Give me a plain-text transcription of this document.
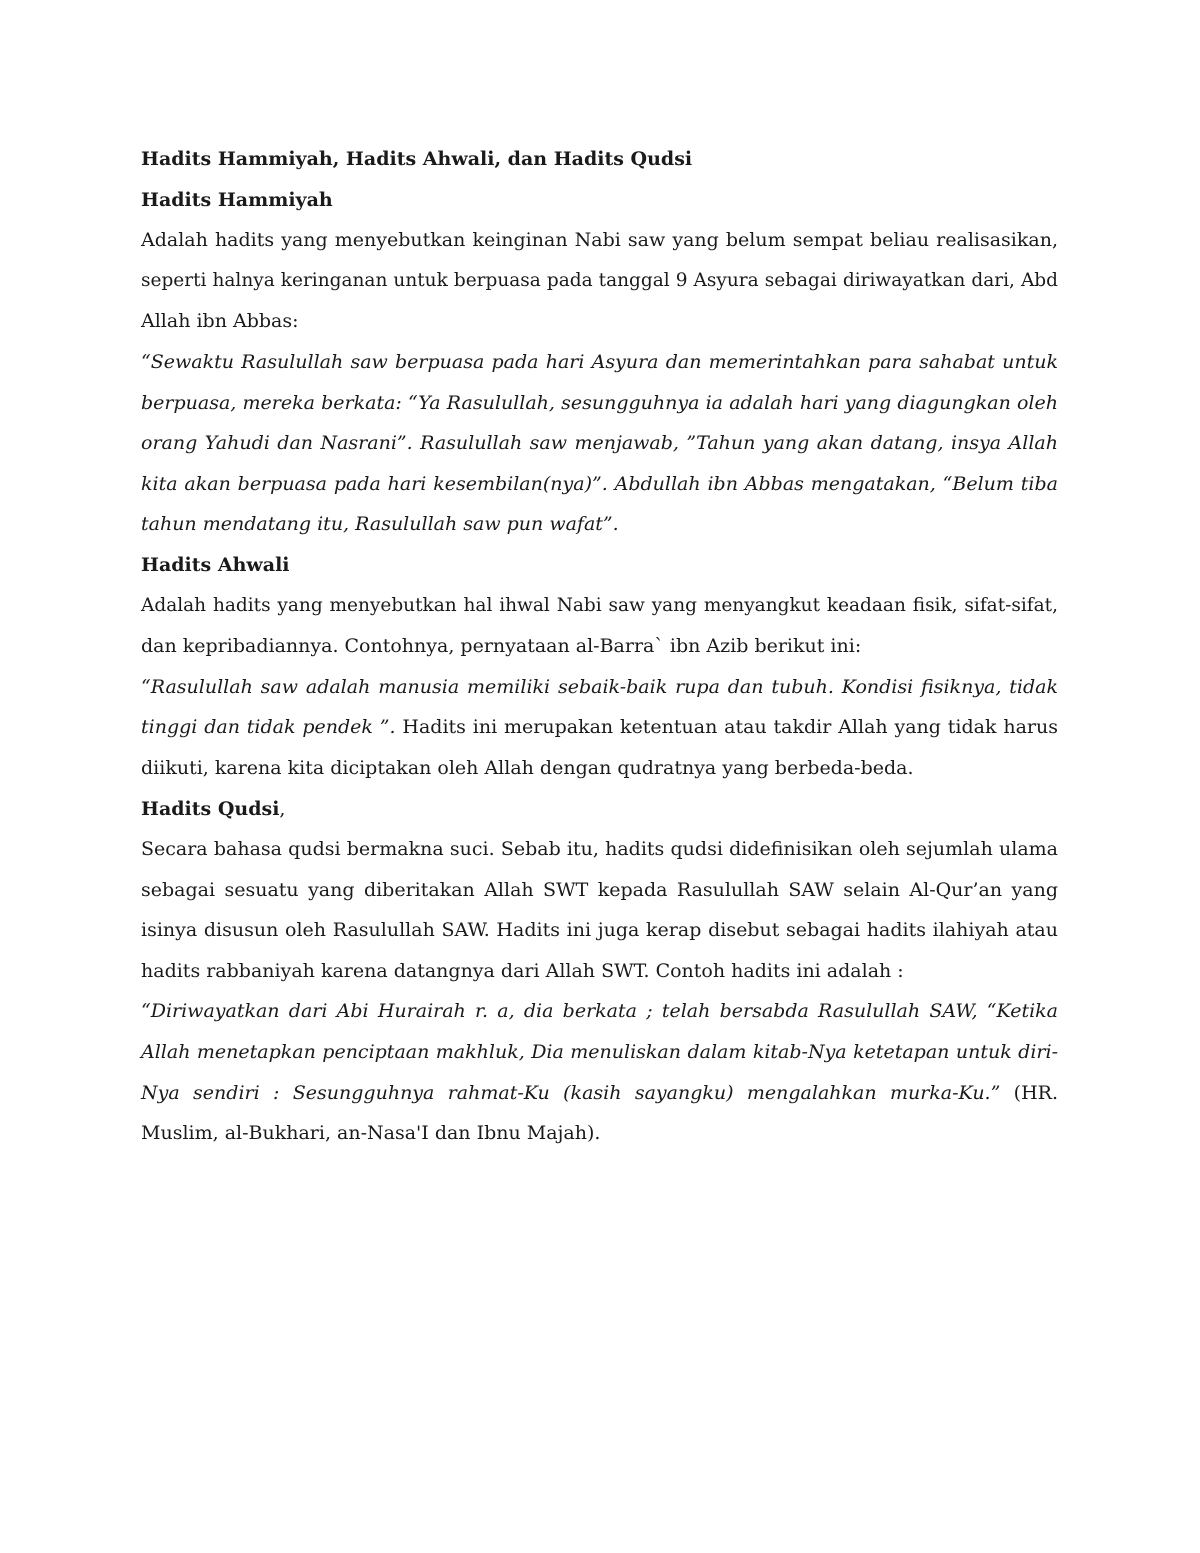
Hadits Hammiyah, Hadits Ahwali, dan Hadits Qudsi
Hadits Hammiyah
Adalah hadits yang menyebutkan keinginan Nabi saw yang belum sempat beliau realisasikan,
seperti halnya keringanan untuk berpuasa pada tanggal 9 Asyura sebagai diriwayatkan dari, Abd
Allah ibn Abbas:
“Sewaktu Rasulullah saw berpuasa pada hari Asyura dan memerintahkan para sahabat untuk
berpuasa, mereka berkata: “Ya Rasulullah, sesungguhnya ia adalah hari yang diagungkan oleh
orang Yahudi dan Nasrani”. Rasulullah saw menjawab, ”Tahun yang akan datang, insya Allah
kita akan berpuasa pada hari kesembilan(nya)”. Abdullah ibn Abbas mengatakan, “Belum tiba
tahun mendatang itu, Rasulullah saw pun wafat”.
Hadits Ahwali
Adalah hadits yang menyebutkan hal ihwal Nabi saw yang menyangkut keadaan fisik, sifat-sifat,
dan kepribadiannya. Contohnya, pernyataan al-Barra` ibn Azib berikut ini:
“Rasulullah saw adalah manusia memiliki sebaik-baik rupa dan tubuh. Kondisi fisiknya, tidak
tinggi dan tidak pendek ”. Hadits ini merupakan ketentuan atau takdir Allah yang tidak harus
diikuti, karena kita diciptakan oleh Allah dengan qudratnya yang berbeda-beda.
Hadits Qudsi,
Secara bahasa qudsi bermakna suci. Sebab itu, hadits qudsi didefinisikan oleh sejumlah ulama
sebagai sesuatu yang diberitakan Allah SWT kepada Rasulullah SAW selain Al-Qur’an yang
isinya disusun oleh Rasulullah SAW. Hadits ini juga kerap disebut sebagai hadits ilahiyah atau
hadits rabbaniyah karena datangnya dari Allah SWT. Contoh hadits ini adalah :
“Diriwayatkan dari Abi Hurairah r. a, dia berkata ; telah bersabda Rasulullah SAW, “Ketika
Allah menetapkan penciptaan makhluk, Dia menuliskan dalam kitab-Nya ketetapan untuk diri-
Nya sendiri : Sesungguhnya rahmat-Ku (kasih sayangku) mengalahkan murka-Ku.” (HR.
Muslim, al-Bukhari, an-Nasa'I dan Ibnu Majah).
